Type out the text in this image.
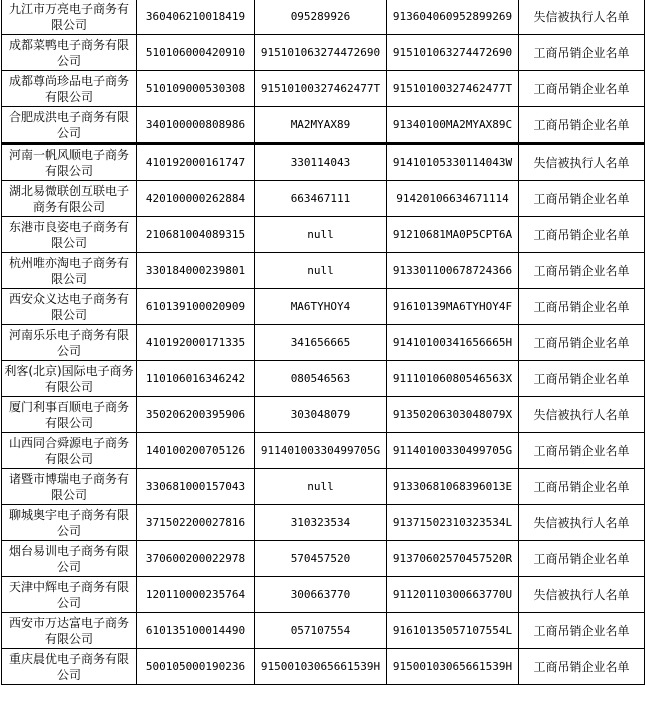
九江市万亮电子商务有限公司	360406210018419	095289926	913604060952899269	失信被执行人名单
成都菜鸭电子商务有限公司	510106000420910	915101063274472690	915101063274472690	工商吊销企业名单
成都尊尚珍品电子商务有限公司	510109000530308	91510100327462477T	91510100327462477T	工商吊销企业名单
合肥成洪电子商务有限公司	340100000808986	MA2MYAX89	91340100MA2MYAX89C	工商吊销企业名单
河南一帆风顺电子商务有限公司	410192000161747	330114043	91410105330114043W	失信被执行人名单
湖北易微联创互联电子商务有限公司	420100000262884	663467111	91420106634671114	工商吊销企业名单
东港市良姿电子商务有限公司	210681004089315	null	91210681MA0P5CPT6A	工商吊销企业名单
杭州唯亦淘电子商务有限公司	330184000239801	null	913301100678724366	工商吊销企业名单
西安众义达电子商务有限公司	610139100020909	MA6TYHOY4	91610139MA6TYHOY4F	工商吊销企业名单
河南乐乐电子商务有限公司	410192000171335	341656665	91410100341656665H	工商吊销企业名单
利客(北京)国际电子商务有限公司	110106016346242	080546563	91110106080546563X	工商吊销企业名单
厦门利事百顺电子商务有限公司	350206200395906	303048079	91350206303048079X	失信被执行人名单
山西同合舜源电子商务有限公司	140100200705126	91140100330499705G	91140100330499705G	工商吊销企业名单
诸暨市博瑞电子商务有限公司	330681000157043	null	91330681068396013E	工商吊销企业名单
聊城奥宇电子商务有限公司	371502200027816	310323534	91371502310323534L	失信被执行人名单
烟台易训电子商务有限公司	370600200022978	570457520	91370602570457520R	工商吊销企业名单
天津中辉电子商务有限公司	120110000235764	300663770	91120110300663770U	失信被执行人名单
西安市万达富电子商务有限公司	610135100014490	057107554	91610135057107554L	工商吊销企业名单
重庆晨优电子商务有限公司	500105000190236	91500103065661539H	91500103065661539H	工商吊销企业名单
